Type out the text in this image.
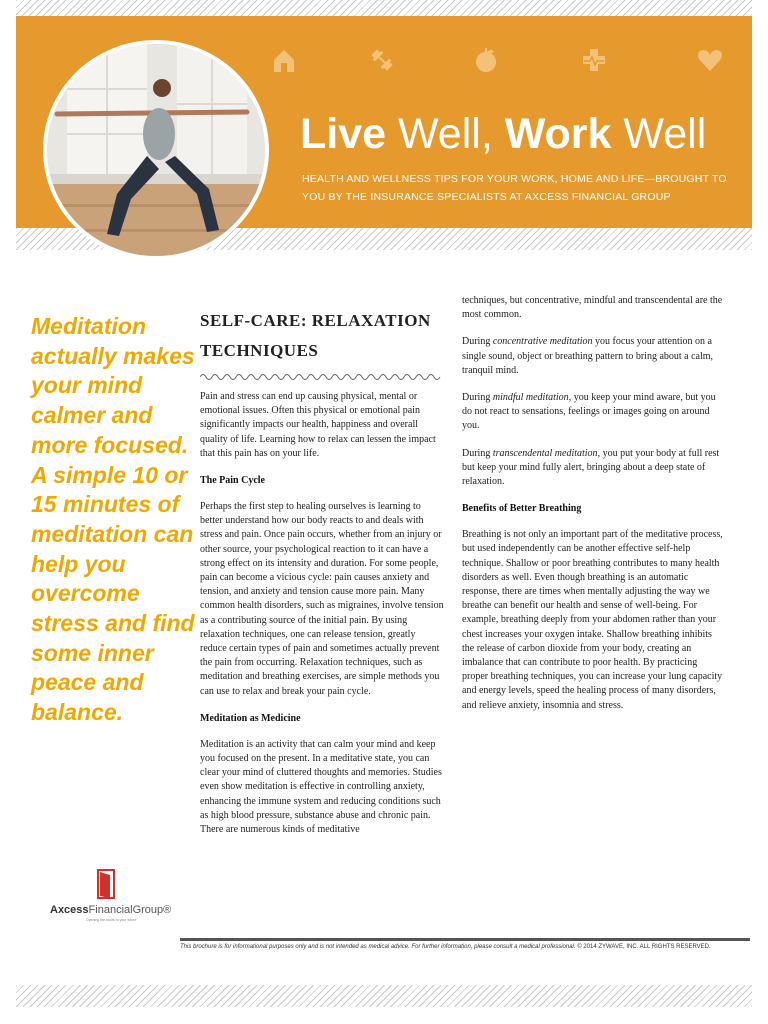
Live Well, Work Well
HEALTH AND WELLNESS TIPS FOR YOUR WORK, HOME AND LIFE—BROUGHT TO YOU BY THE INSURANCE SPECIALISTS AT AXCESS FINANCIAL GROUP
Meditation actually makes your mind calmer and more focused. A simple 10 or 15 minutes of meditation can help you overcome stress and find some inner peace and balance.
AxcessFinancialGroup®
Opening the doors to your future
SELF-CARE: RELAXATION TECHNIQUES

Pain and stress can end up causing physical, mental or emotional issues. Often this physical or emotional pain significantly impacts our health, happiness and overall quality of life. Learning how to relax can lessen the impact that this pain has on your life.

The Pain Cycle

Perhaps the first step to healing ourselves is learning to better understand how our body reacts to and deals with stress and pain. Once pain occurs, whether from an injury or other source, your psychological reaction to it can have a strong effect on its intensity and duration. For some people, pain can become a vicious cycle: pain causes anxiety and tension, and anxiety and tension cause more pain. Many common health disorders, such as migraines, involve tension as a contributing source of the initial pain. By using relaxation techniques, one can release tension, greatly reduce certain types of pain and sometimes actually prevent the pain from occurring. Relaxation techniques, such as meditation and breathing exercises, are simple methods you can use to relax and break your pain cycle.

Meditation as Medicine

Meditation is an activity that can calm your mind and keep you focused on the present. In a meditative state, you can clear your mind of cluttered thoughts and memories. Studies even show meditation is effective in controlling anxiety, enhancing the immune system and reducing conditions such as high blood pressure, substance abuse and chronic pain. There are numerous kinds of meditative

techniques, but concentrative, mindful and transcendental are the most common.

During concentrative meditation you focus your attention on a single sound, object or breathing pattern to bring about a calm, tranquil mind.

During mindful meditation, you keep your mind aware, but you do not react to sensations, feelings or images going on around you.

During transcendental meditation, you put your body at full rest but keep your mind fully alert, bringing about a deep state of relaxation.

Benefits of Better Breathing

Breathing is not only an important part of the meditative process, but used independently can be another effective self-help technique. Shallow or poor breathing contributes to many health disorders as well. Even though breathing is an automatic response, there are times when mentally adjusting the way we breathe can benefit our health and sense of well-being. For example, breathing deeply from your abdomen rather than your chest increases your oxygen intake. Shallow breathing inhibits the release of carbon dioxide from your body, creating an imbalance that can contribute to poor health. By practicing proper breathing techniques, you can increase your lung capacity and energy levels, speed the healing process of many disorders, and relieve anxiety, insomnia and stress.

This brochure is for informational purposes only and is not intended as medical advice. For further information, please consult a medical professional. © 2014 ZYWAVE, INC. ALL RIGHTS RESERVED.
